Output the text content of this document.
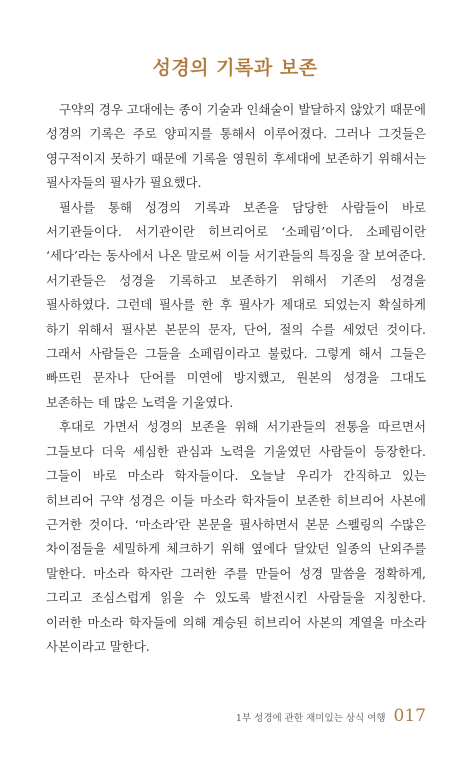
성경의 기록과 보존

구약의 경우 고대에는 종이 기술과 인쇄술이 발달하지 않았기 때문에 성경의 기록은 주로 양피지를 통해서 이루어졌다. 그러나 그것들은 영구적이지 못하기 때문에 기록을 영원히 후세대에 보존하기 위해서는 필사자들의 필사가 필요했다.

필사를 통해 성경의 기록과 보존을 담당한 사람들이 바로 서기관들이다. 서기관이란 히브리어로 ‘소페림’이다. 소페림이란 ‘세다’라는 동사에서 나온 말로써 이들 서기관들의 특징을 잘 보여준다. 서기관들은 성경을 기록하고 보존하기 위해서 기존의 성경을 필사하였다. 그런데 필사를 한 후 필사가 제대로 되었는지 확실하게 하기 위해서 필사본 본문의 문자, 단어, 절의 수를 세었던 것이다. 그래서 사람들은 그들을 소페림이라고 불렀다. 그렇게 해서 그들은 빠뜨린 문자나 단어를 미연에 방지했고, 원본의 성경을 그대도 보존하는 데 많은 노력을 기울였다.

후대로 가면서 성경의 보존을 위해 서기관들의 전통을 따르면서 그들보다 더욱 세심한 관심과 노력을 기울였던 사람들이 등장한다. 그들이 바로 마소라 학자들이다. 오늘날 우리가 간직하고 있는 히브리어 구약 성경은 이들 마소라 학자들이 보존한 히브리어 사본에 근거한 것이다. ‘마소라’란 본문을 필사하면서 본문 스펠링의 수많은 차이점들을 세밀하게 체크하기 위해 옆에다 달았던 일종의 난외주를 말한다. 마소라 학자란 그러한 주를 만들어 성경 말씀을 정확하게, 그리고 조심스럽게 읽을 수 있도록 발전시킨 사람들을 지칭한다. 이러한 마소라 학자들에 의해 계승된 히브리어 사본의 계열을 마소라 사본이라고 말한다.

1부 성경에 관한 재미있는 상식 여행 017
